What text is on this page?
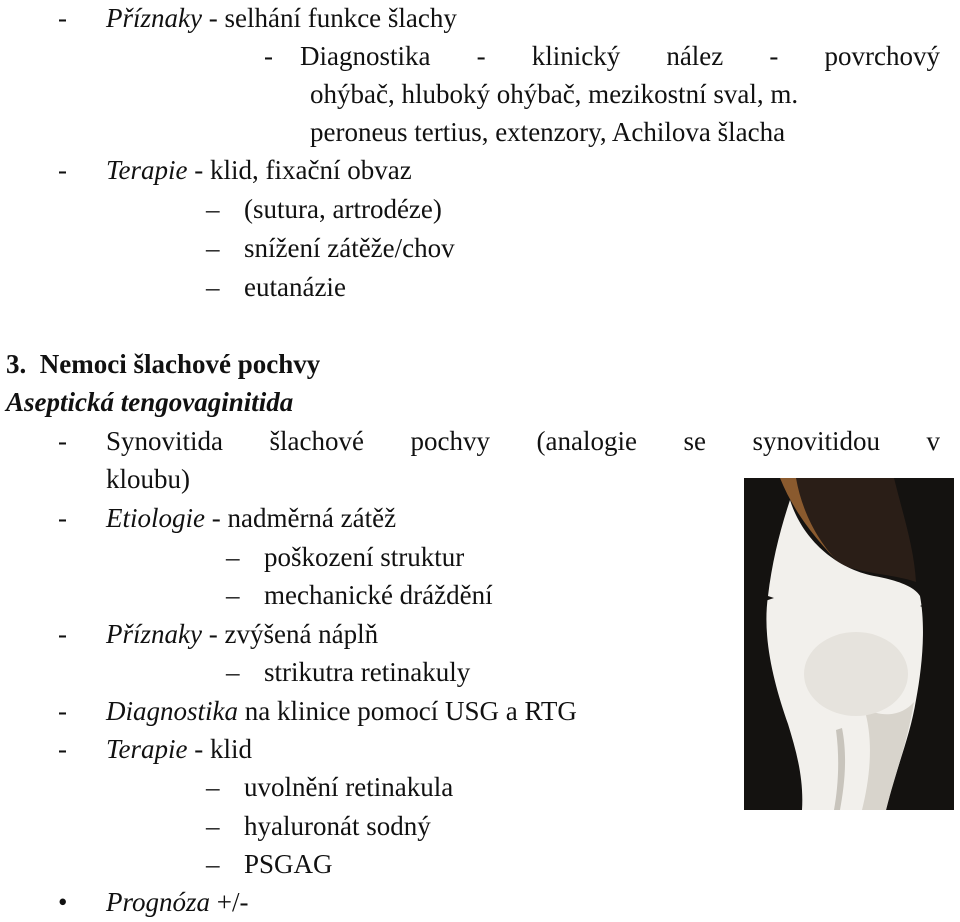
- Příznaky - selhání funkce šlachy
- Diagnostika - klinický nález - povrchový
ohýbač, hluboký ohýbač, mezikostní sval, m.
peroneus tertius, extenzory, Achilova šlacha
- Terapie - klid, fixační obvaz
– (sutura, artrodéze)
– snížení zátěže/chov
– eutanázie
3.  Nemoci šlachové pochvy
Aseptická tengovaginitida
- Synovitida šlachové pochvy (analogie se synovitidou v
kloubu)
- Etiologie - nadměrná zátěž
– poškození struktur
– mechanické dráždění
- Příznaky - zvýšená náplň
– strikutra retinakuly
- Diagnostika na klinice pomocí USG a RTG
- Terapie - klid
– uvolnění retinakula
– hyaluronát sodný
– PSGAG
• Prognóza +/-
